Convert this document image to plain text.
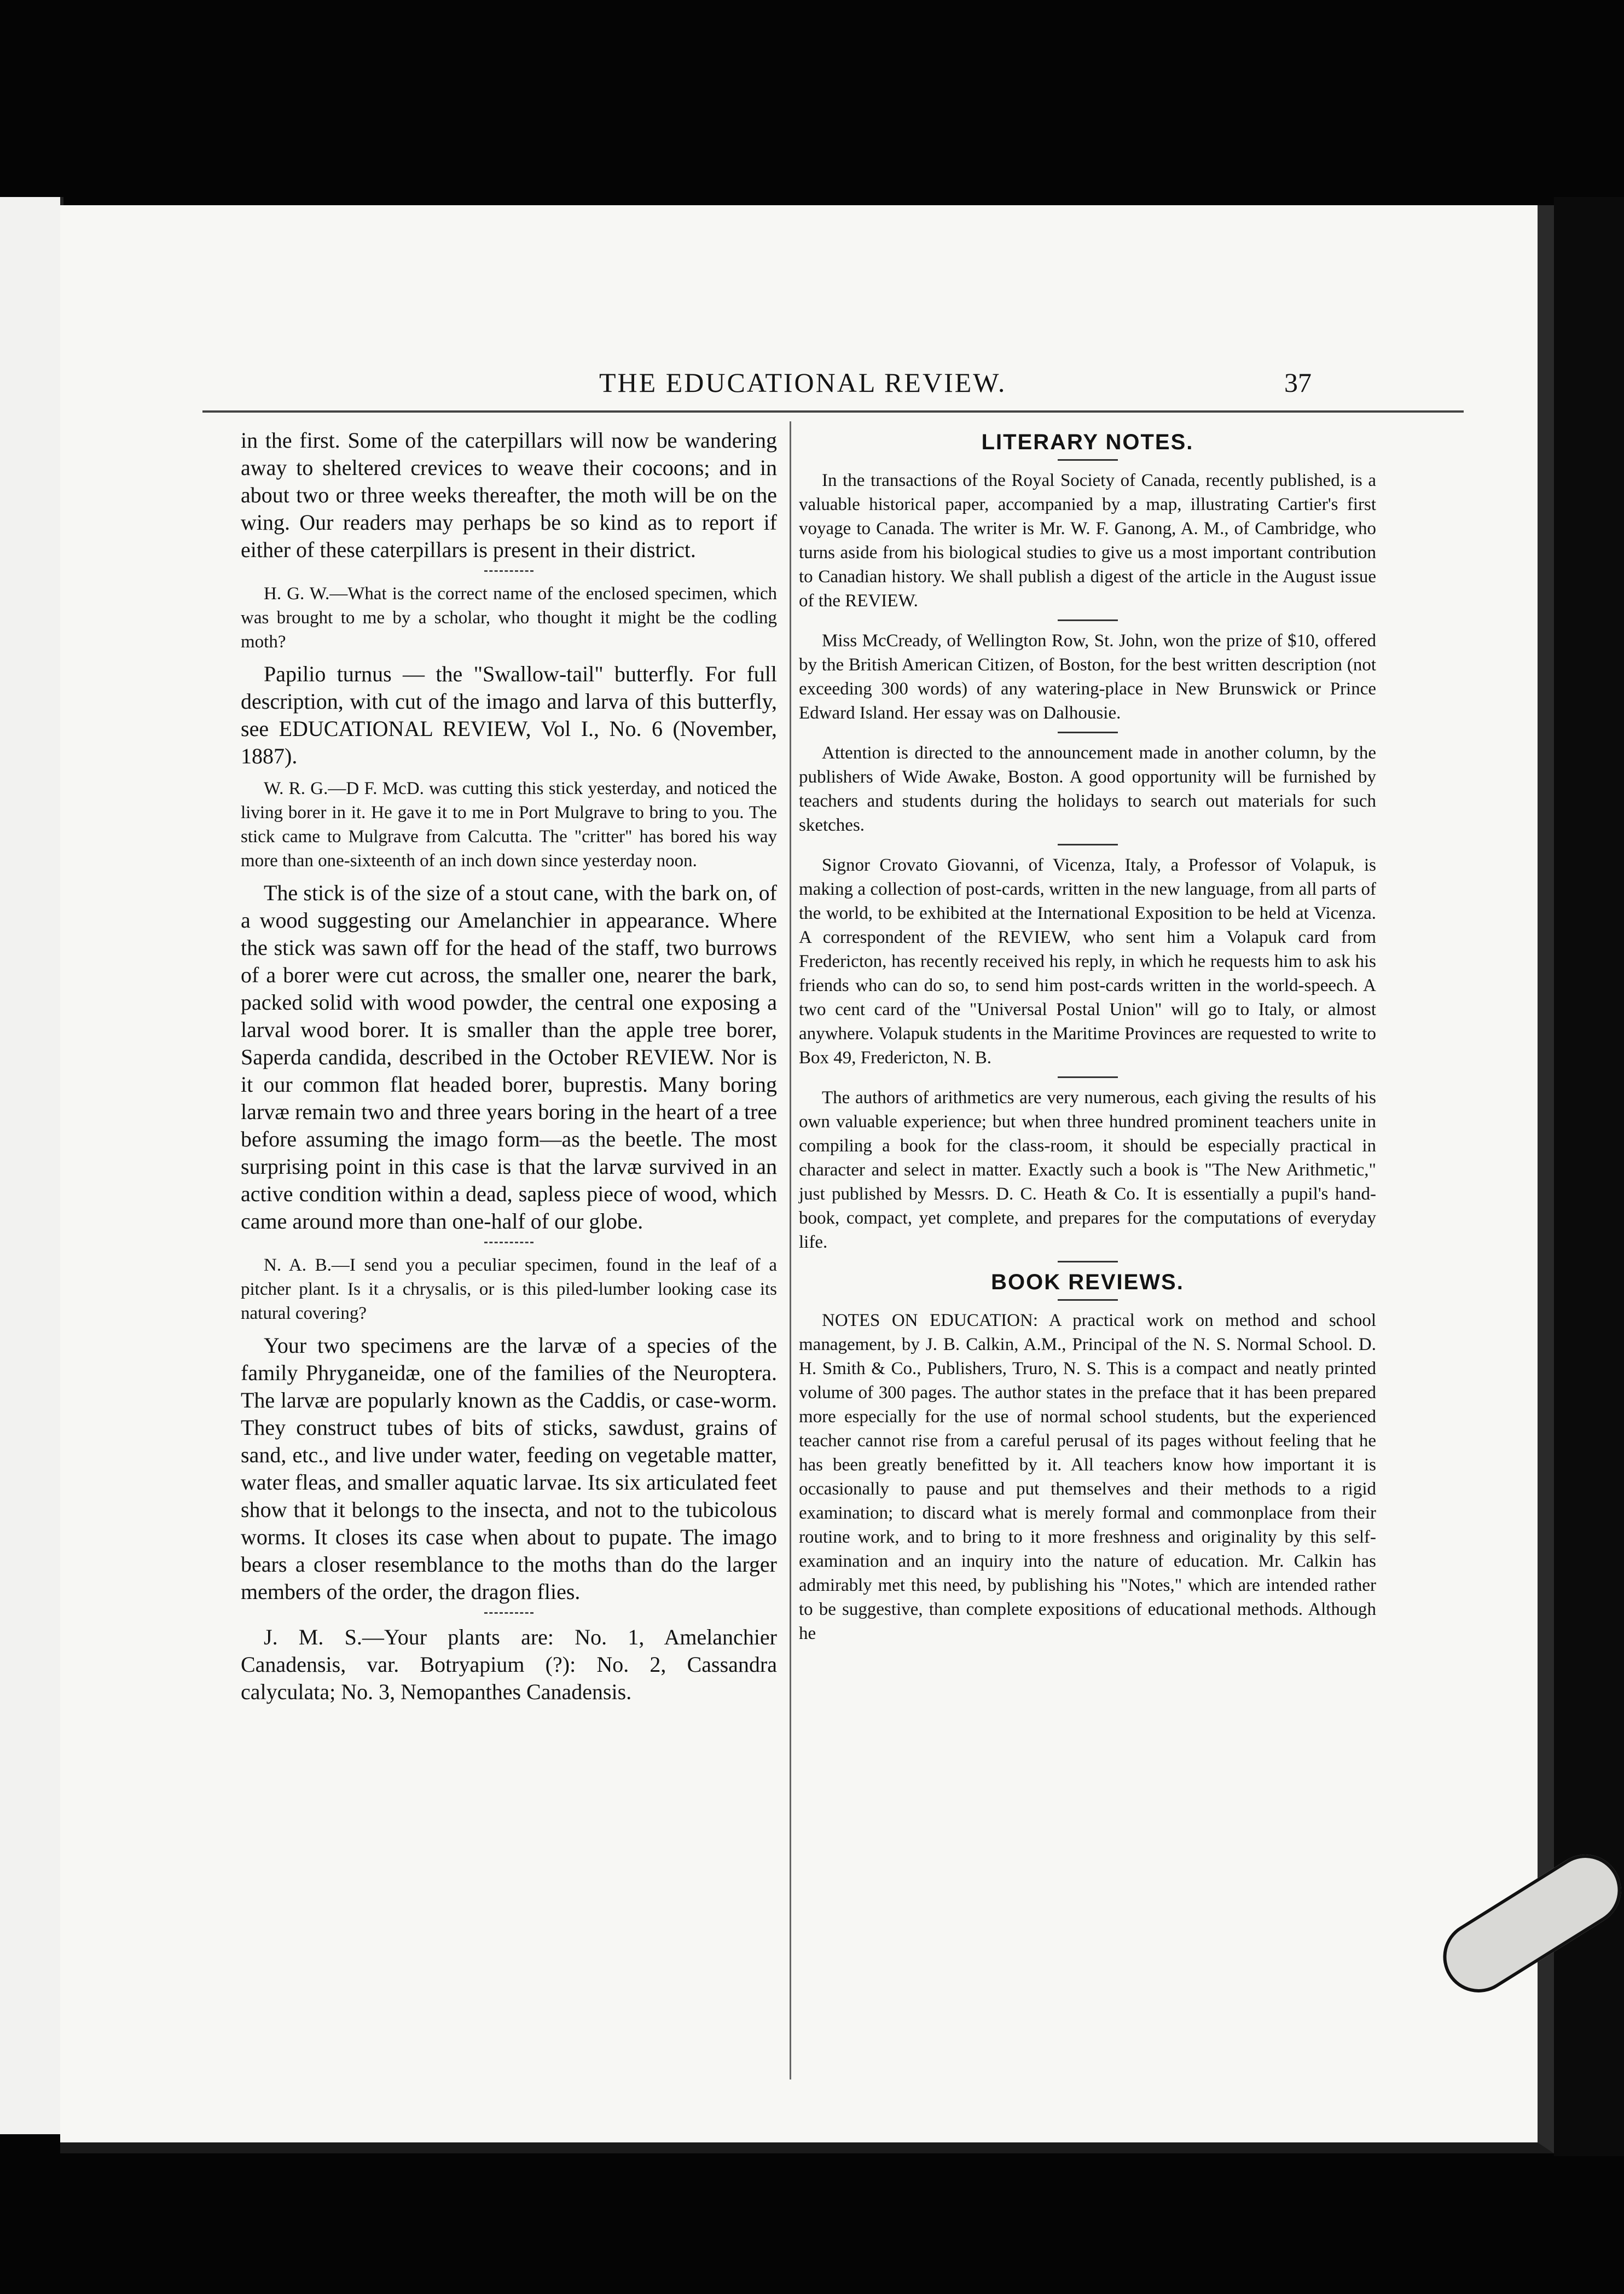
THE EDUCATIONAL REVIEW.	37

in the first. Some of the caterpillars will now be wandering away to sheltered crevices to weave their cocoons; and in about two or three weeks thereafter, the moth will be on the wing. Our readers may perhaps be so kind as to report if either of these caterpillars is present in their district.

H. G. W.—What is the correct name of the enclosed specimen, which was brought to me by a scholar, who thought it might be the codling moth?

Papilio turnus — the "Swallow-tail" butterfly. For full description, with cut of the imago and larva of this butterfly, see EDUCATIONAL REVIEW, Vol I., No. 6 (November, 1887).

W. R. G.—D F. McD. was cutting this stick yesterday, and noticed the living borer in it. He gave it to me in Port Mulgrave to bring to you. The stick came to Mulgrave from Calcutta. The "critter" has bored his way more than one-sixteenth of an inch down since yesterday noon.

The stick is of the size of a stout cane, with the bark on, of a wood suggesting our Amelanchier in appearance. Where the stick was sawn off for the head of the staff, two burrows of a borer were cut across, the smaller one, nearer the bark, packed solid with wood powder, the central one exposing a larval wood borer. It is smaller than the apple tree borer, Saperda candida, described in the October REVIEW. Nor is it our common flat headed borer, buprestis. Many boring larvæ remain two and three years boring in the heart of a tree before assuming the imago form—as the beetle. The most surprising point in this case is that the larvæ survived in an active condition within a dead, sapless piece of wood, which came around more than one-half of our globe.

N. A. B.—I send you a peculiar specimen, found in the leaf of a pitcher plant. Is it a chrysalis, or is this piled-lumber looking case its natural covering?

Your two specimens are the larvæ of a species of the family Phryganeidæ, one of the families of the Neuroptera. The larvæ are popularly known as the Caddis, or case-worm. They construct tubes of bits of sticks, sawdust, grains of sand, etc., and live under water, feeding on vegetable matter, water fleas, and smaller aquatic larvae. Its six articulated feet show that it belongs to the insecta, and not to the tubicolous worms. It closes its case when about to pupate. The imago bears a closer resemblance to the moths than do the larger members of the order, the dragon flies.

J. M. S.—Your plants are: No. 1, Amelanchier Canadensis, var. Botryapium (?): No. 2, Cassandra calyculata; No. 3, Nemopanthes Canadensis.

LITERARY NOTES.

In the transactions of the Royal Society of Canada, recently published, is a valuable historical paper, accompanied by a map, illustrating Cartier's first voyage to Canada. The writer is Mr. W. F. Ganong, A. M., of Cambridge, who turns aside from his biological studies to give us a most important contribution to Canadian history. We shall publish a digest of the article in the August issue of the REVIEW.

Miss McCready, of Wellington Row, St. John, won the prize of $10, offered by the British American Citizen, of Boston, for the best written description (not exceeding 300 words) of any watering-place in New Brunswick or Prince Edward Island. Her essay was on Dalhousie.

Attention is directed to the announcement made in another column, by the publishers of Wide Awake, Boston. A good opportunity will be furnished by teachers and students during the holidays to search out materials for such sketches.

Signor Crovato Giovanni, of Vicenza, Italy, a Professor of Volapuk, is making a collection of post-cards, written in the new language, from all parts of the world, to be exhibited at the International Exposition to be held at Vicenza. A correspondent of the REVIEW, who sent him a Volapuk card from Fredericton, has recently received his reply, in which he requests him to ask his friends who can do so, to send him post-cards written in the world-speech. A two cent card of the "Universal Postal Union" will go to Italy, or almost anywhere. Volapuk students in the Maritime Provinces are requested to write to Box 49, Fredericton, N. B.

The authors of arithmetics are very numerous, each giving the results of his own valuable experience; but when three hundred prominent teachers unite in compiling a book for the class-room, it should be especially practical in character and select in matter. Exactly such a book is "The New Arithmetic," just published by Messrs. D. C. Heath & Co. It is essentially a pupil's hand-book, compact, yet complete, and prepares for the computations of everyday life.

BOOK REVIEWS.

NOTES ON EDUCATION: A practical work on method and school management, by J. B. Calkin, A.M., Principal of the N. S. Normal School. D. H. Smith & Co., Publishers, Truro, N. S. This is a compact and neatly printed volume of 300 pages. The author states in the preface that it has been prepared more especially for the use of normal school students, but the experienced teacher cannot rise from a careful perusal of its pages without feeling that he has been greatly benefitted by it. All teachers know how important it is occasionally to pause and put themselves and their methods to a rigid examination; to discard what is merely formal and commonplace from their routine work, and to bring to it more freshness and originality by this self-examination and an inquiry into the nature of education. Mr. Calkin has admirably met this need, by publishing his "Notes," which are intended rather to be suggestive, than complete expositions of educational methods. Although he
